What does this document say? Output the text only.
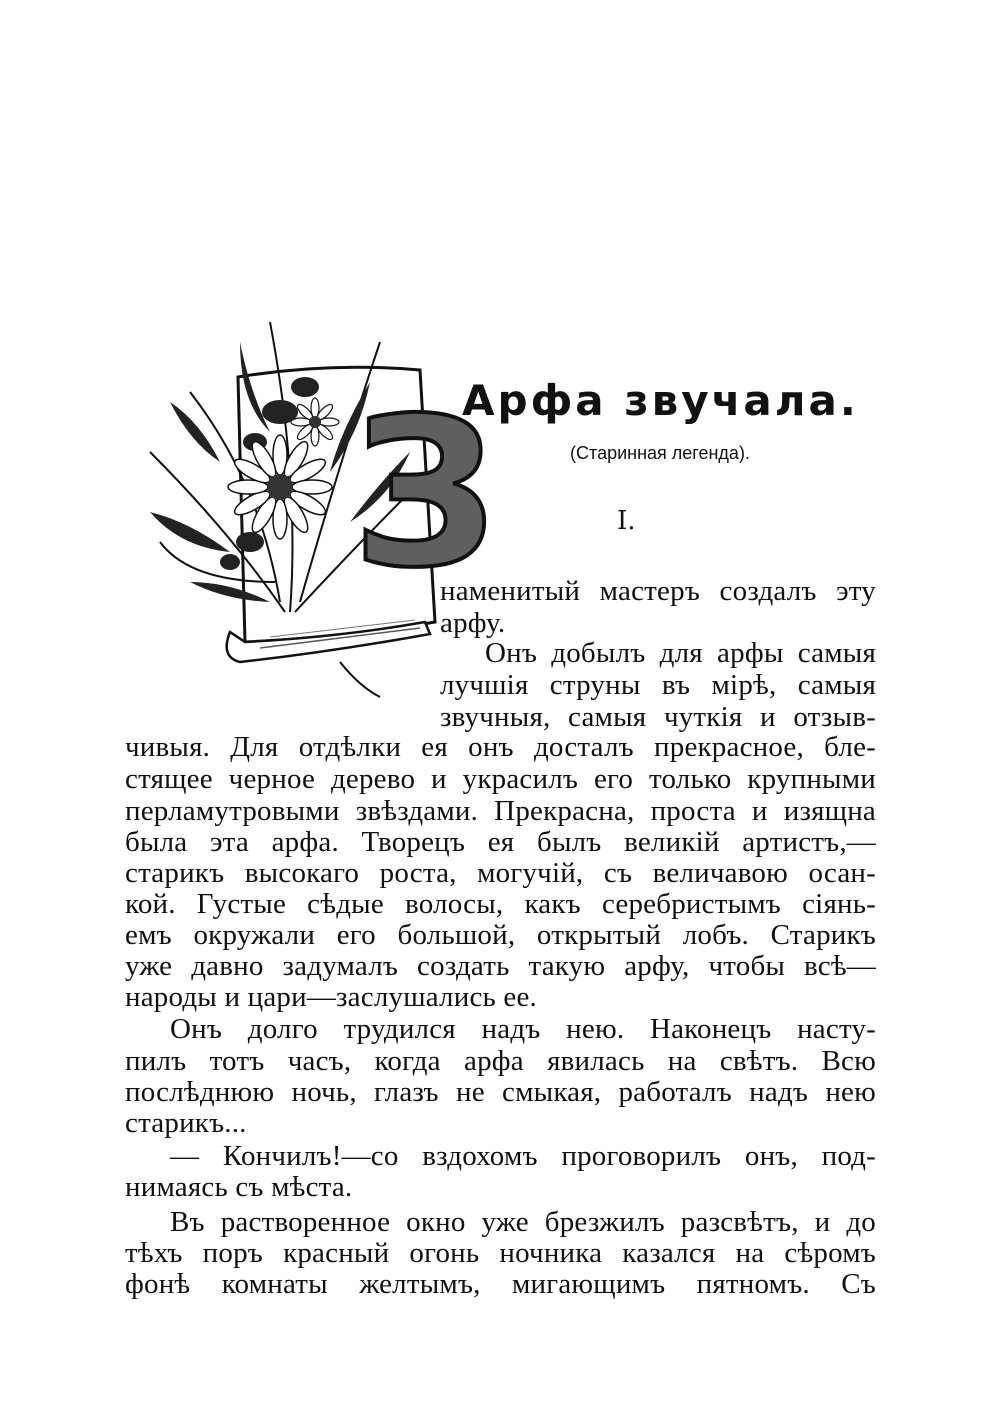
З
Арфа звучала.
(Старинная легенда).
I.
наменитый мастеръ создалъ эту
арфу.
Онъ добылъ для арфы самыя
лучшія струны въ мірѣ, самыя
звучныя, самыя чуткія и отзыв-
чивыя. Для отдѣлки ея онъ досталъ прекрасное, бле-
стящее черное дерево и украсилъ его только крупными
перламутровыми звѣздами. Прекрасна, проста и изящна
была эта арфа. Творецъ ея былъ великій артистъ,—
старикъ высокаго роста, могучій, съ величавою осан-
кой. Густые сѣдые волосы, какъ серебристымъ сіянь-
емъ окружали его большой, открытый лобъ. Старикъ
уже давно задумалъ создать такую арфу, чтобы всѣ—
народы и цари—заслушались ее.
Онъ долго трудился надъ нею. Наконецъ насту-
пилъ тотъ часъ, когда арфа явилась на свѣтъ. Всю
послѣднюю ночь, глазъ не смыкая, работалъ надъ нею
старикъ...
— Кончилъ!—со вздохомъ проговорилъ онъ, под-
нимаясь съ мѣста.
Въ растворенное окно уже брезжилъ разсвѣтъ, и до
тѣхъ поръ красный огонь ночника казался на сѣромъ
фонѣ комнаты желтымъ, мигающимъ пятномъ. Съ
